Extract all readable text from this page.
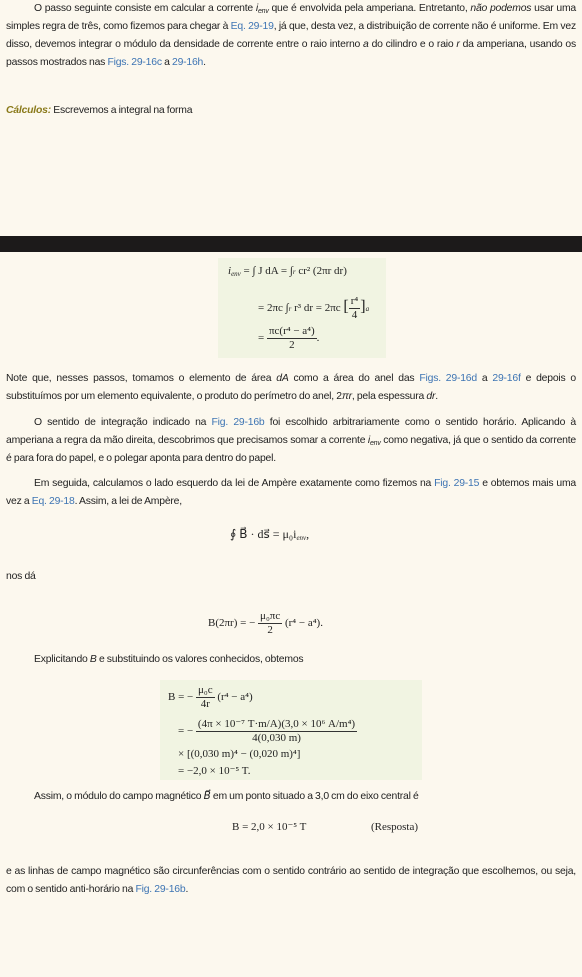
O passo seguinte consiste em calcular a corrente $i_{env}$ que é envolvida pela amperiana. Entretanto, não podemos usar uma simples regra de três, como fizemos para chegar à Eq. 29-19, já que, desta vez, a distribuição de corrente não é uniforme. Em vez disso, devemos integrar o módulo da densidade de corrente entre o raio interno a do cilindro e o raio r da amperiana, usando os passos mostrados nas Figs. 29-16c a 29-16h.

Cálculos: Escrevemos a integral na forma

$i_{env}$ = ∫ J dA = ∫r cr² (2πr dr)
= 2πc ∫r r³ dr = 2πc [ $\frac{\text{r⁴}}{4} ]a$
= $\frac{\text{πc(r⁴ − a⁴)}}{2}$ .

Note que, nesses passos, tomamos o elemento de área dA como a área do anel das Figs. 29-16d a 29-16f e depois o substituímos por um elemento equivalente, o produto do perímetro do anel, 2πr, pela espessura dr.

O sentido de integração indicado na Fig. 29-16b foi escolhido arbitrariamente como o sentido horário. Aplicando à amperiana a regra da mão direita, descobrimos que precisamos somar a corrente $i_{env}$ como negativa, já que o sentido da corrente é para fora do papel, e o polegar aponta para dentro do papel.

Em seguida, calculamos o lado esquerdo da lei de Ampère exatamente como fizemos na Fig. 29-15 e obtemos mais uma vez a Eq. 29-18. Assim, a lei de Ampère,

∮ B⃗ · ds⃗ = $\mu_0i_{env}$,

nos dá

B(2πr) = − $\frac{\text{μ₀πc}}{2} (r^4 - a^4)$.

Explicitando B e substituindo os valores conhecidos, obtemos

B = − $\frac{\text{μ₀c}}{4r} (r^4 - a^4)$
= − $\frac{\text{(4π × 10⁻⁷ T·m/A)(3,0 × 10⁶ A/m⁴)}}{4(0,030 m)}$
× [(0,030 m)⁴ − (0,020 m)⁴]
= −2,0 × 10⁻⁵ T.

Assim, o módulo do campo magnético B⃗ em um ponto situado a 3,0 cm do eixo central é

B = 2,0 × 10⁻⁵ T	(Resposta)

e as linhas de campo magnético são circunferências com o sentido contrário ao sentido de integração que escolhemos, ou seja, com o sentido anti-horário na Fig. 29-16b.
